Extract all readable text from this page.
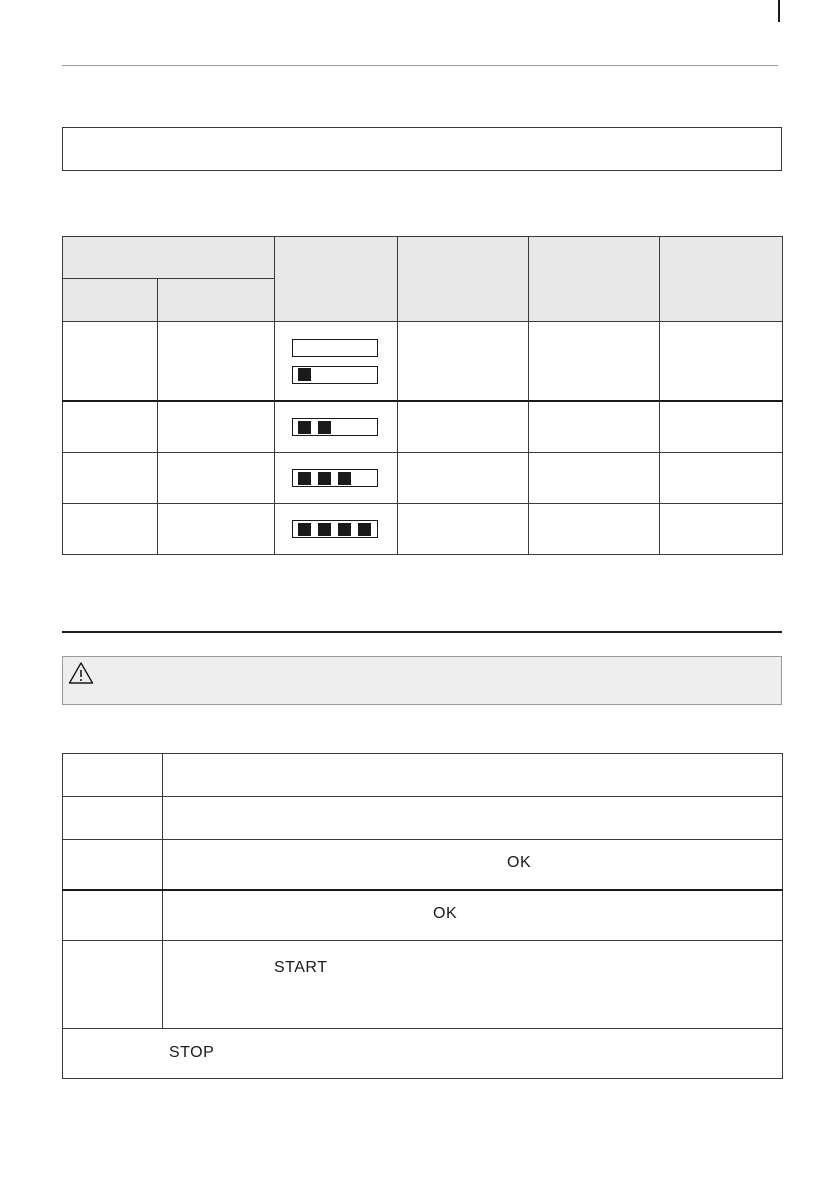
	OK

	OK

	START

STOP	
